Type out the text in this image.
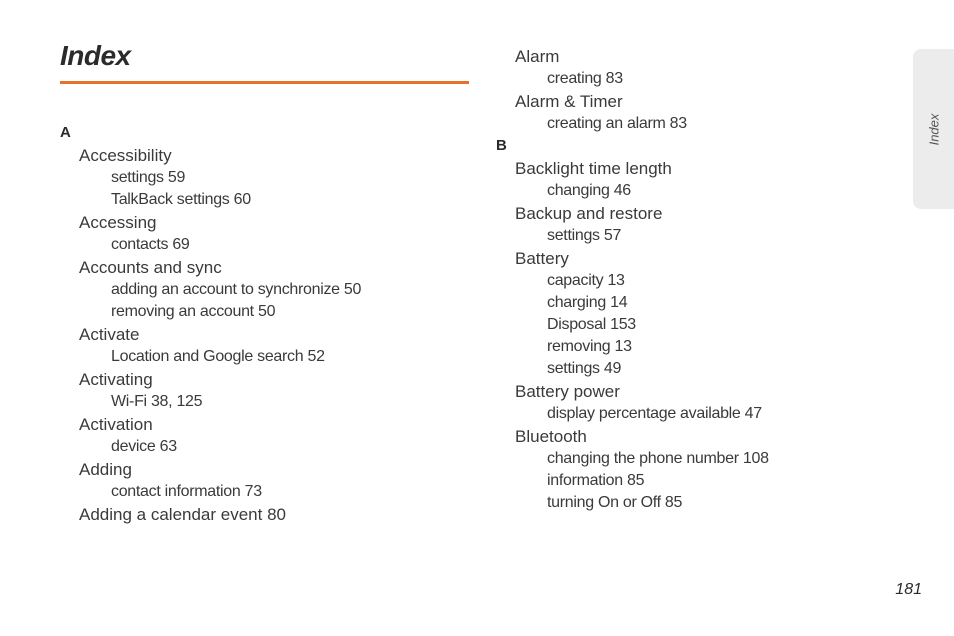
Index
A
Accessibility
settings 59
TalkBack settings 60
Accessing
contacts 69
Accounts and sync
adding an account to synchronize 50
removing an account 50
Activate
Location and Google search 52
Activating
Wi-Fi 38, 125
Activation
device 63
Adding
contact information 73
Adding a calendar event 80
Alarm
creating 83
Alarm & Timer
creating an alarm 83
B
Backlight time length
changing 46
Backup and restore
settings 57
Battery
capacity 13
charging 14
Disposal 153
removing 13
settings 49
Battery power
display percentage available 47
Bluetooth
changing the phone number 108
information 85
turning On or Off 85
Index
181
